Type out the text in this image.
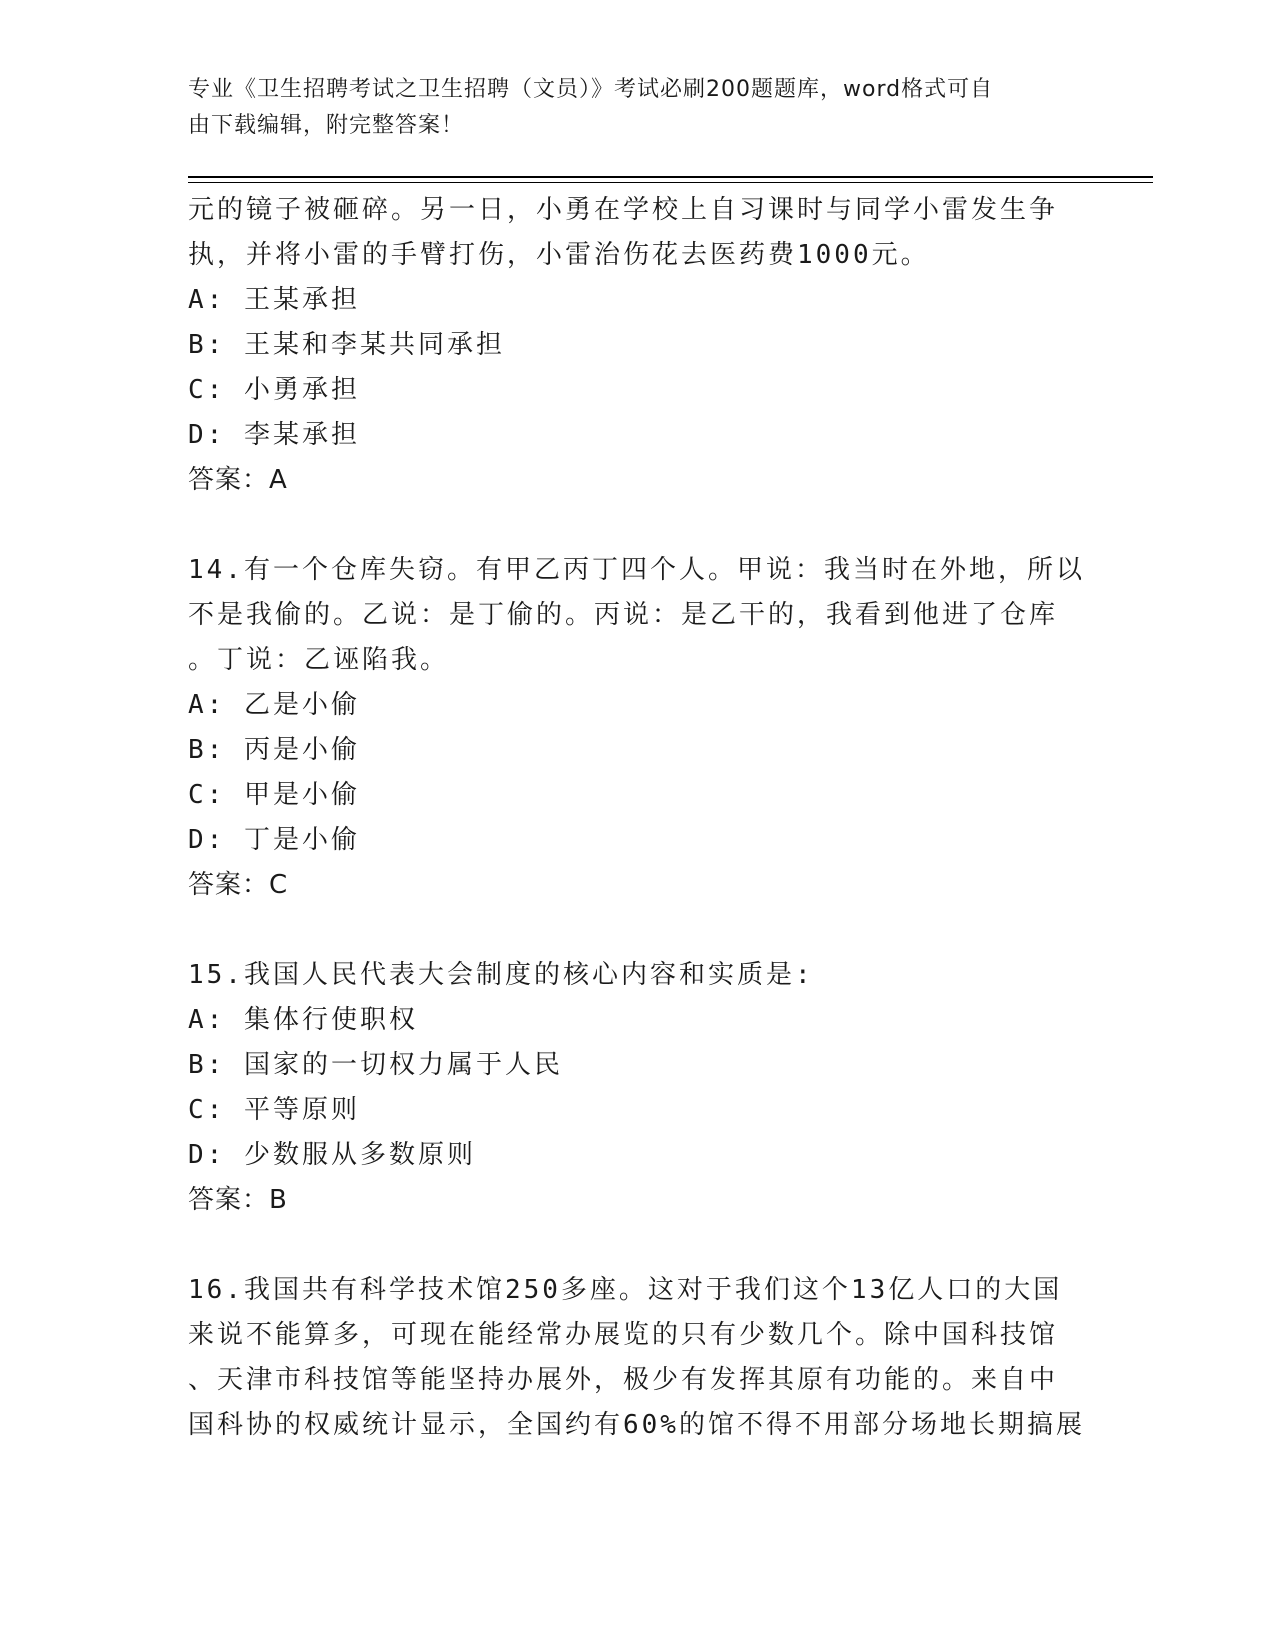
专业《卫生招聘考试之卫生招聘（文员）》考试必刷200题题库，word格式可自
由下载编辑，附完整答案！
元的镜子被砸碎。另一日，小勇在学校上自习课时与同学小雷发生争
执，并将小雷的手臂打伤，小雷治伤花去医药费1000元。
A: 王某承担
B: 王某和李某共同承担
C: 小勇承担
D: 李某承担
答案：A
14.有一个仓库失窃。有甲乙丙丁四个人。甲说：我当时在外地，所以
不是我偷的。乙说：是丁偷的。丙说：是乙干的，我看到他进了仓库
。丁说：乙诬陷我。
A: 乙是小偷
B: 丙是小偷
C: 甲是小偷
D: 丁是小偷
答案：C
15.我国人民代表大会制度的核心内容和实质是:
A: 集体行使职权
B: 国家的一切权力属于人民
C: 平等原则
D: 少数服从多数原则
答案：B
16.我国共有科学技术馆250多座。这对于我们这个13亿人口的大国
来说不能算多，可现在能经常办展览的只有少数几个。除中国科技馆
、天津市科技馆等能坚持办展外，极少有发挥其原有功能的。来自中
国科协的权威统计显示，全国约有60%的馆不得不用部分场地长期搞展
